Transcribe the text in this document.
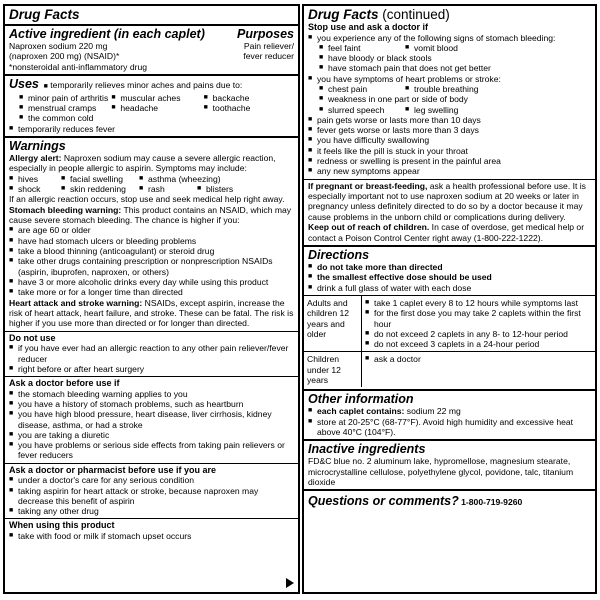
Drug Facts
Active ingredient (in each caplet)	Purposes
Naproxen sodium 220 mg	Pain reliever/
(naproxen 200 mg) (NSAID)*	fever reducer
*nonsteroidal anti-inflammatory drug
Uses ■ temporarily relieves minor aches and pains due to:
■ minor pain of arthritis	■ muscular aches	■ backache
■ menstrual cramps	■ headache	■ toothache
■ the common cold
■ temporarily reduces fever
Warnings
Allergy alert: Naproxen sodium may cause a severe allergic reaction, especially in people allergic to aspirin. Symptoms may include:
■ hives	■ facial swelling	■ asthma (wheezing)
■ shock	■ skin reddening	■ rash	■ blisters
If an allergic reaction occurs, stop use and seek medical help right away.
Stomach bleeding warning: This product contains an NSAID, which may cause severe stomach bleeding. The chance is higher if you:
■ are age 60 or older
■ have had stomach ulcers or bleeding problems
■ take a blood thinning (anticoagulant) or steroid drug
■ take other drugs containing prescription or nonprescription NSAIDs (aspirin, ibuprofen, naproxen, or others)
■ have 3 or more alcoholic drinks every day while using this product
■ take more or for a longer time than directed
Heart attack and stroke warning: NSAIDs, except aspirin, increase the risk of heart attack, heart failure, and stroke. These can be fatal. The risk is higher if you use more than directed or for longer than directed.
Do not use
■ if you have ever had an allergic reaction to any other pain reliever/fever reducer
■ right before or after heart surgery
Ask a doctor before use if
■ the stomach bleeding warning applies to you
■ you have a history of stomach problems, such as heartburn
■ you have high blood pressure, heart disease, liver cirrhosis, kidney disease, asthma, or had a stroke
■ you are taking a diuretic
■ you have problems or serious side effects from taking pain relievers or fever reducers
Ask a doctor or pharmacist before use if you are
■ under a doctor's care for any serious condition
■ taking aspirin for heart attack or stroke, because naproxen may decrease this benefit of aspirin
■ taking any other drug
When using this product
■ take with food or milk if stomach upset occurs
Drug Facts (continued)
Stop use and ask a doctor if
■ you experience any of the following signs of stomach bleeding:
■ feel faint	■ vomit blood
■ have bloody or black stools
■ have stomach pain that does not get better
■ you have symptoms of heart problems or stroke:
■ chest pain	■ trouble breathing
■ weakness in one part or side of body
■ slurred speech	■ leg swelling
■ pain gets worse or lasts more than 10 days
■ fever gets worse or lasts more than 3 days
■ you have difficulty swallowing
■ it feels like the pill is stuck in your throat
■ redness or swelling is present in the painful area
■ any new symptoms appear
If pregnant or breast-feeding, ask a health professional before use. It is especially important not to use naproxen sodium at 20 weeks or later in pregnancy unless definitely directed to do so by a doctor because it may cause problems in the unborn child or complications during delivery.
Keep out of reach of children. In case of overdose, get medical help or contact a Poison Control Center right away (1-800-222-1222).
Directions
■ do not take more than directed
■ the smallest effective dose should be used
■ drink a full glass of water with each dose
Adults and children 12 years and older
■ take 1 caplet every 8 to 12 hours while symptoms last
■ for the first dose you may take 2 caplets within the first hour
■ do not exceed 2 caplets in any 8- to 12-hour period
■ do not exceed 3 caplets in a 24-hour period
Children under 12 years
■ ask a doctor
Other information
■ each caplet contains: sodium 22 mg
■ store at 20-25°C (68-77°F). Avoid high humidity and excessive heat above 40°C (104°F).
Inactive ingredients
FD&C blue no. 2 aluminum lake, hypromellose, magnesium stearate, microcrystalline cellulose, polyethylene glycol, povidone, talc, titanium dioxide
Questions or comments? 1-800-719-9260
